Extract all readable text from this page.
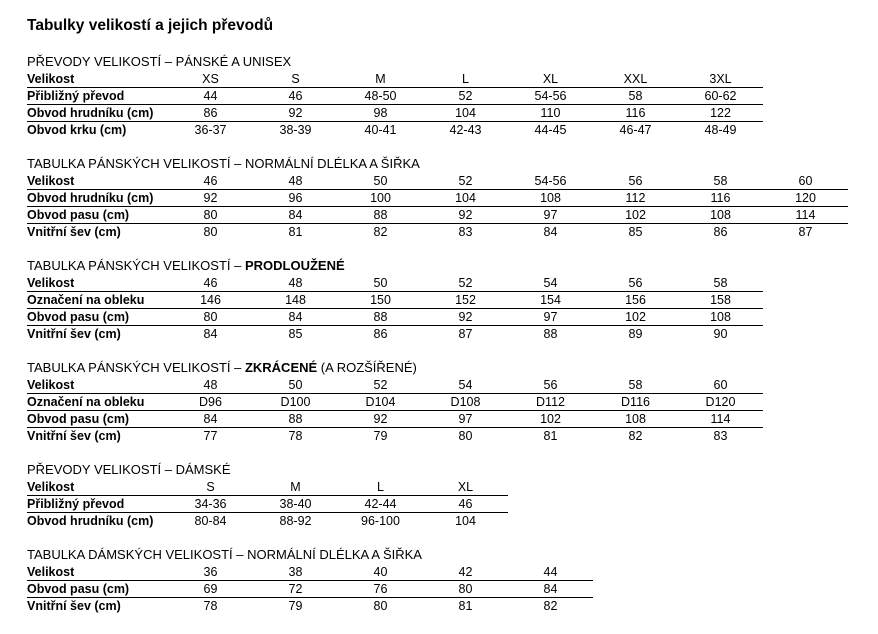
Tabulky velikostí a jejich převodů
PŘEVODY VELIKOSTÍ – PÁNSKÉ A UNISEX
Velikost	XS	S	M	L	XL	XXL	3XL
Přibližný převod	44	46	48-50	52	54-56	58	60-62
Obvod hrudníku (cm)	86	92	98	104	110	116	122
Obvod krku (cm)	36-37	38-39	40-41	42-43	44-45	46-47	48-49
TABULKA PÁNSKÝCH VELIKOSTÍ – NORMÁLNÍ DLÉLKA A ŠIŘKA
Velikost	46	48	50	52	54-56	56	58	60
Obvod hrudníku (cm)	92	96	100	104	108	112	116	120
Obvod pasu (cm)	80	84	88	92	97	102	108	114
Vnitřní šev (cm)	80	81	82	83	84	85	86	87
TABULKA PÁNSKÝCH VELIKOSTÍ – PRODLOUŽENÉ
Velikost	46	48	50	52	54	56	58
Označení na obleku	146	148	150	152	154	156	158
Obvod pasu (cm)	80	84	88	92	97	102	108
Vnitřní šev (cm)	84	85	86	87	88	89	90
TABULKA PÁNSKÝCH VELIKOSTÍ – ZKRÁCENÉ (A ROZŠÍŘENÉ)
Velikost	48	50	52	54	56	58	60
Označení na obleku	D96	D100	D104	D108	D112	D116	D120
Obvod pasu (cm)	84	88	92	97	102	108	114
Vnitřní šev (cm)	77	78	79	80	81	82	83
PŘEVODY VELIKOSTÍ – DÁMSKÉ
Velikost	S	M	L	XL
Přibližný převod	34-36	38-40	42-44	46
Obvod hrudníku (cm)	80-84	88-92	96-100	104
TABULKA DÁMSKÝCH VELIKOSTÍ – NORMÁLNÍ DLÉLKA A ŠIŘKA
Velikost	36	38	40	42	44
Obvod pasu (cm)	69	72	76	80	84
Vnitřní šev (cm)	78	79	80	81	82
